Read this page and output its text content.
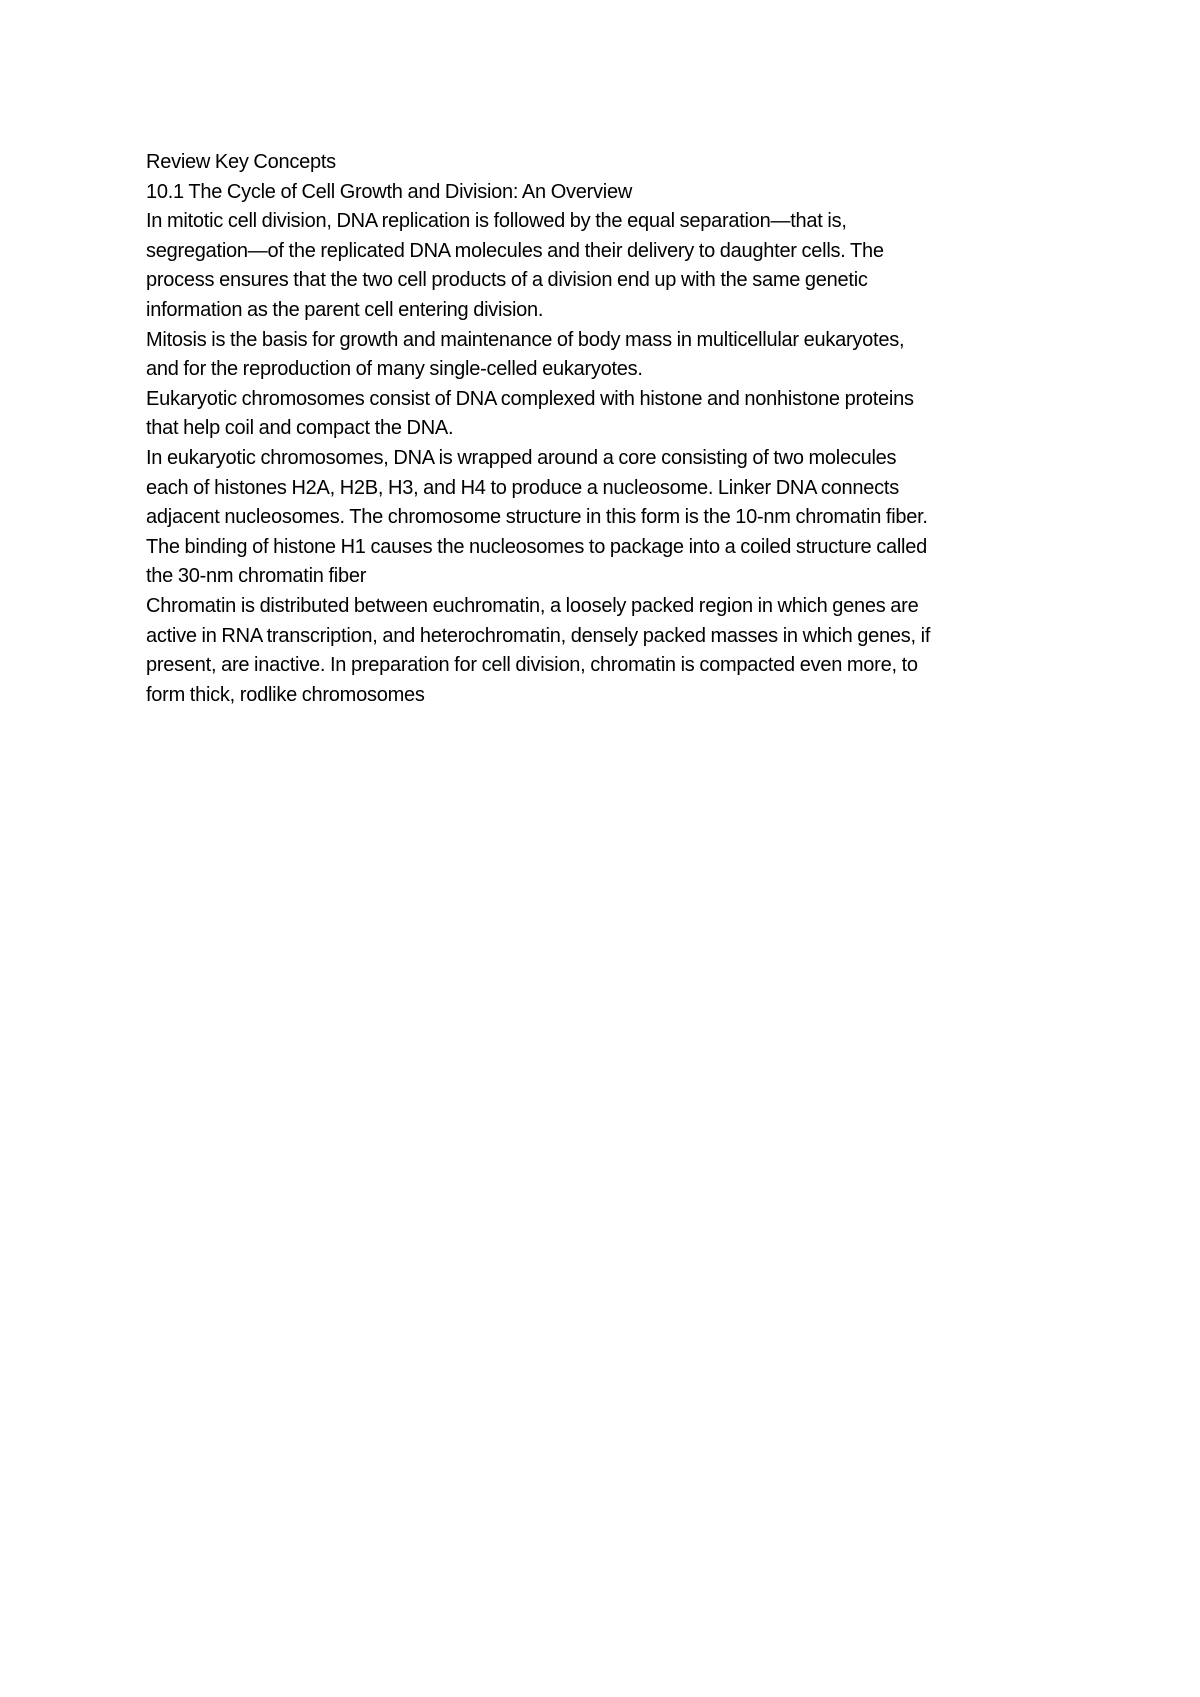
Review Key Concepts
10.1 The Cycle of Cell Growth and Division: An Overview
In mitotic cell division, DNA replication is followed by the equal separation—that is,
segregation—of the replicated DNA molecules and their delivery to daughter cells. The
process ensures that the two cell products of a division end up with the same genetic
information as the parent cell entering division.
Mitosis is the basis for growth and maintenance of body mass in multicellular eukaryotes,
and for the reproduction of many single-celled eukaryotes.
Eukaryotic chromosomes consist of DNA complexed with histone and nonhistone proteins
that help coil and compact the DNA.
In eukaryotic chromosomes, DNA is wrapped around a core consisting of two molecules
each of histones H2A, H2B, H3, and H4 to produce a nucleosome. Linker DNA connects
adjacent nucleosomes. The chromosome structure in this form is the 10-nm chromatin fiber.
The binding of histone H1 causes the nucleosomes to package into a coiled structure called
the 30-nm chromatin fiber
Chromatin is distributed between euchromatin, a loosely packed region in which genes are
active in RNA transcription, and heterochromatin, densely packed masses in which genes, if
present, are inactive. In preparation for cell division, chromatin is compacted even more, to
form thick, rodlike chromosomes
